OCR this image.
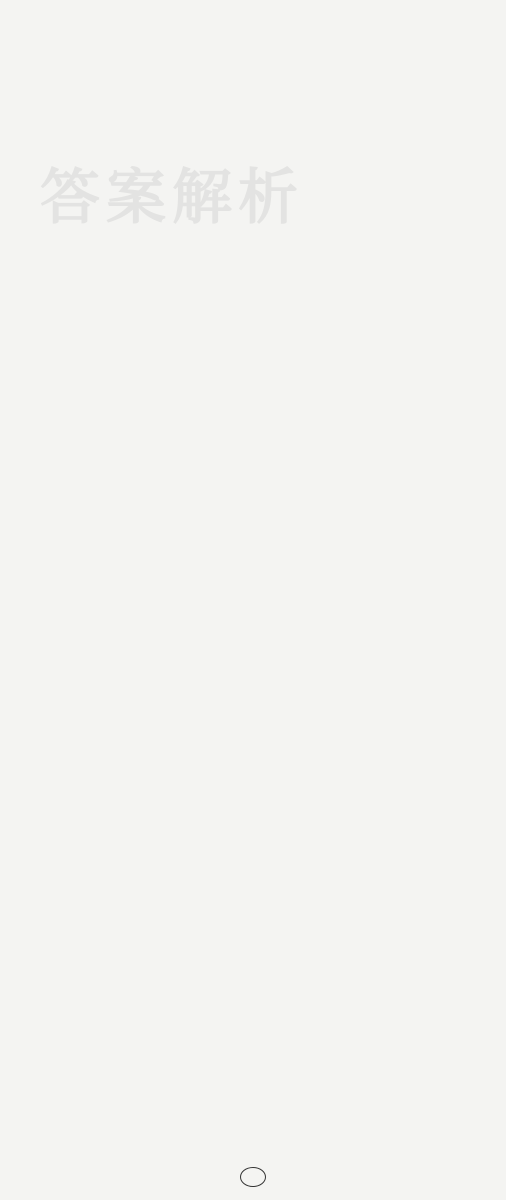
答案解析
